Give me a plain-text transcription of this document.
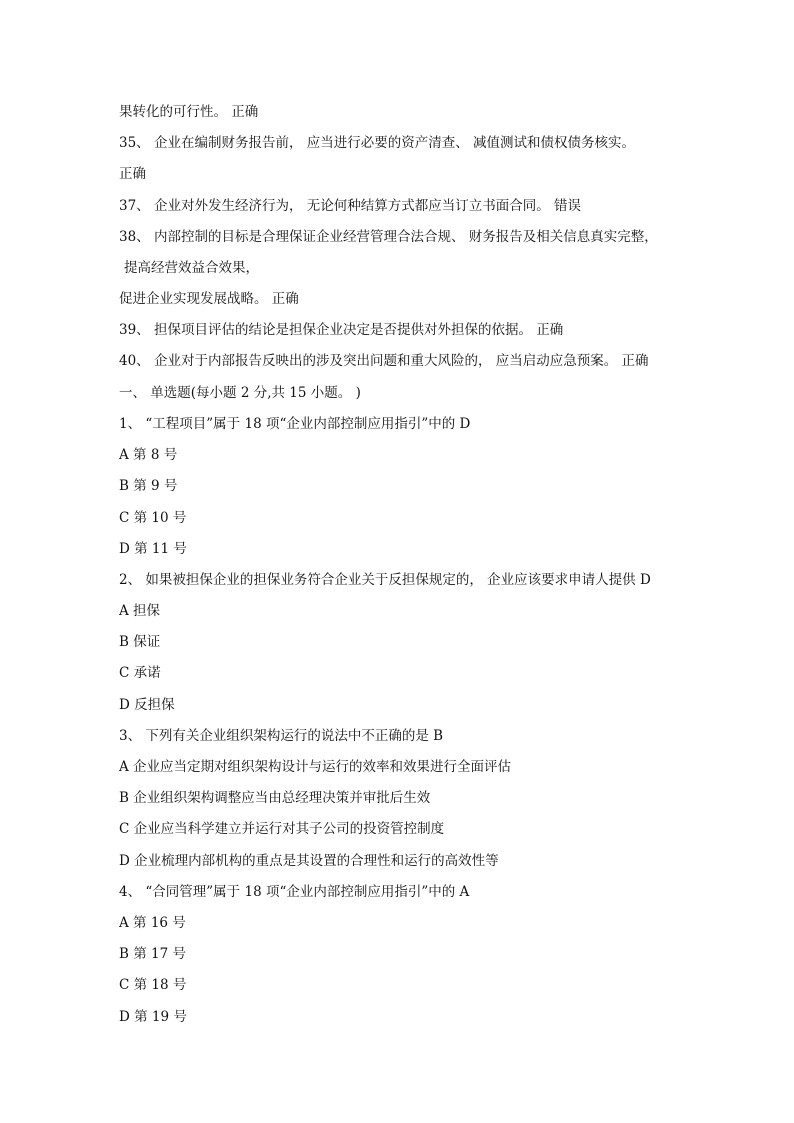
果转化的可行性。 正确
35、 企业在编制财务报告前， 应当进行必要的资产清查、 减值测试和债权债务核实。
正确
37、 企业对外发生经济行为， 无论何种结算方式都应当订立书面合同。 错误
38、 内部控制的目标是合理保证企业经营管理合法合规、 财务报告及相关信息真实完整，
提高经营效益合效果，
促进企业实现发展战略。 正确
39、 担保项目评估的结论是担保企业决定是否提供对外担保的依据。 正确
40、 企业对于内部报告反映出的涉及突出问题和重大风险的， 应当启动应急预案。 正确
一、 单选题(每小题 2 分,共 15 小题。 )
1、 “工程项目”属于 18 项“企业内部控制应用指引”中的 D
A 第 8 号
B 第 9 号
C 第 10 号
D 第 11 号
2、 如果被担保企业的担保业务符合企业关于反担保规定的， 企业应该要求申请人提供 D
A 担保
B 保证
C 承诺
D 反担保
3、 下列有关企业组织架构运行的说法中不正确的是 B
A 企业应当定期对组织架构设计与运行的效率和效果进行全面评估
B 企业组织架构调整应当由总经理决策并审批后生效
C 企业应当科学建立并运行对其子公司的投资管控制度
D 企业梳理内部机构的重点是其设置的合理性和运行的高效性等
4、 “合同管理”属于 18 项“企业内部控制应用指引”中的 A
A 第 16 号
B 第 17 号
C 第 18 号
D 第 19 号
